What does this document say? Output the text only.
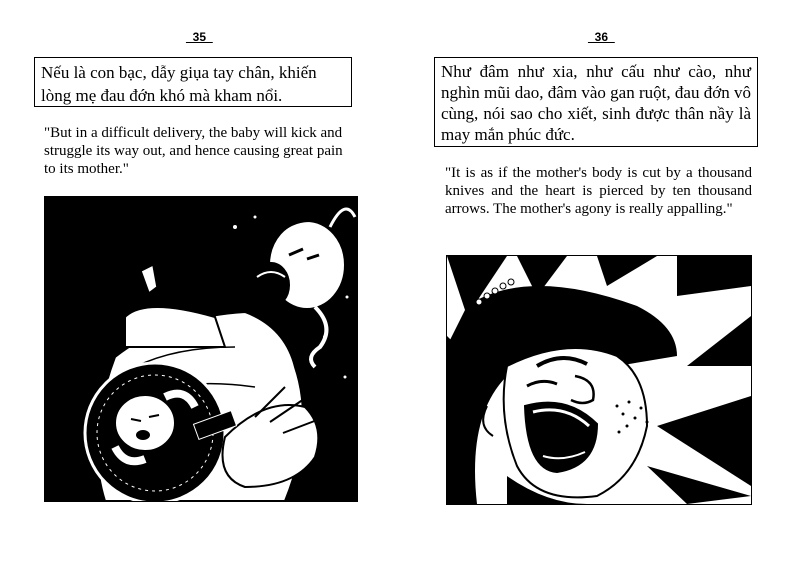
_35_
Nếu là con bạc, dẫy giụa tay chân, khiến lòng mẹ đau đớn khó mà kham nổi.
"But in a difficult delivery, the baby will kick and struggle its way out, and hence causing great pain to its mother."
_36_
Như đâm như xia, như cấu như cào, như nghìn mũi dao, đâm vào gan ruột, đau đớn vô cùng, nói sao cho xiết, sinh được thân nầy là may mắn phúc đức.
"It is as if the mother's body is cut by a thousand knives and the heart is pierced by ten thousand arrows. The mother's agony is really appalling."
